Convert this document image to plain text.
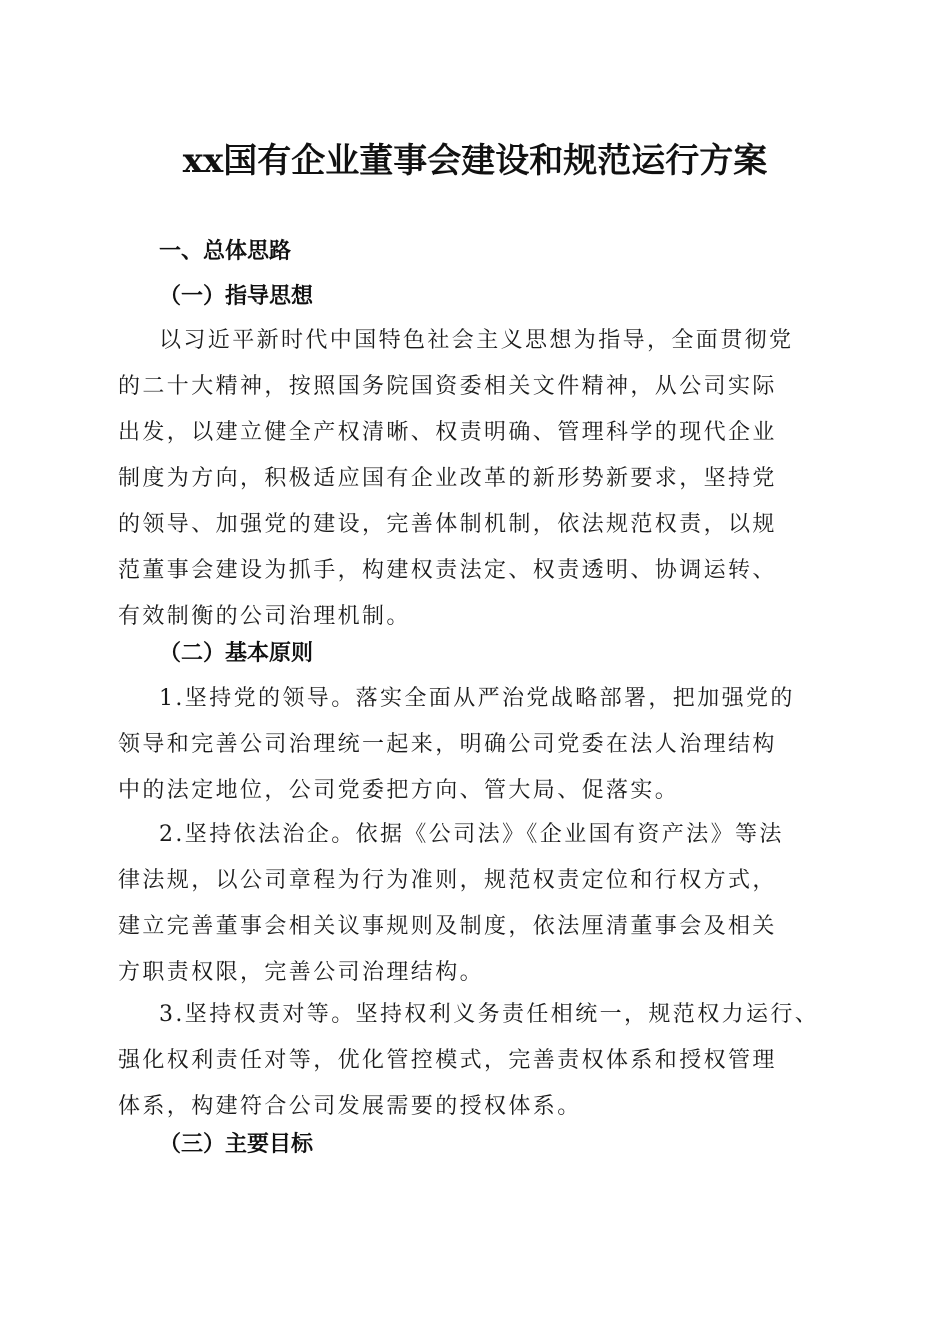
xx国有企业董事会建设和规范运行方案
一、总体思路
（一）指导思想
以习近平新时代中国特色社会主义思想为指导，全面贯彻党
的二十大精神，按照国务院国资委相关文件精神，从公司实际
出发，以建立健全产权清晰、权责明确、管理科学的现代企业
制度为方向，积极适应国有企业改革的新形势新要求，坚持党
的领导、加强党的建设，完善体制机制，依法规范权责，以规
范董事会建设为抓手，构建权责法定、权责透明、协调运转、
有效制衡的公司治理机制。
（二）基本原则
1.坚持党的领导。落实全面从严治党战略部署，把加强党的
领导和完善公司治理统一起来，明确公司党委在法人治理结构
中的法定地位，公司党委把方向、管大局、促落实。
2.坚持依法治企。依据《公司法》《企业国有资产法》等法
律法规，以公司章程为行为准则，规范权责定位和行权方式，
建立完善董事会相关议事规则及制度，依法厘清董事会及相关
方职责权限，完善公司治理结构。
3.坚持权责对等。坚持权利义务责任相统一，规范权力运行、
强化权利责任对等，优化管控模式，完善责权体系和授权管理
体系，构建符合公司发展需要的授权体系。
（三）主要目标
